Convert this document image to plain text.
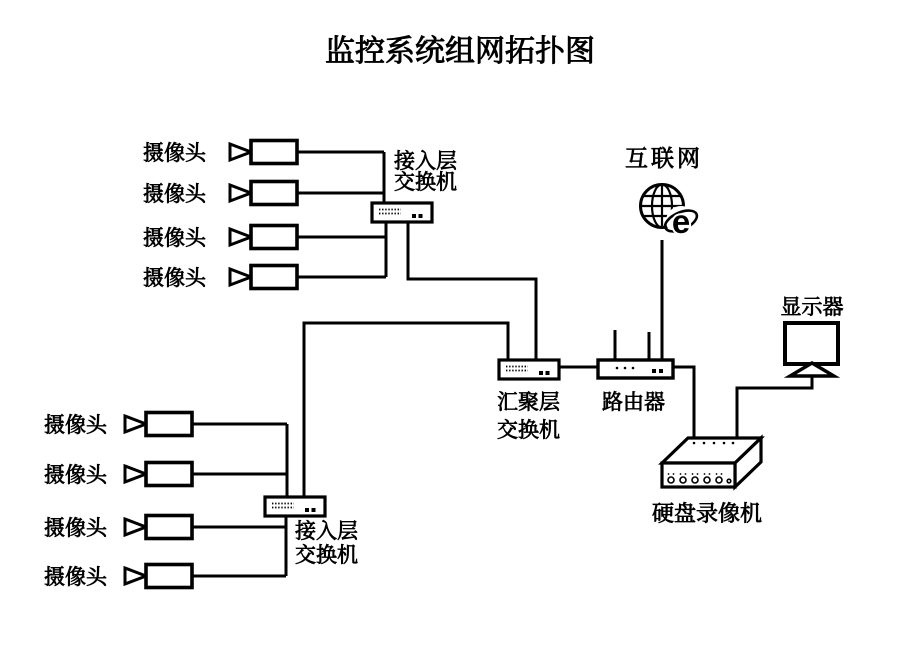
监控系统组网拓扑图
摄像头
摄像头
摄像头
摄像头
接入层
交换机
摄像头
摄像头
摄像头
摄像头
接入层
交换机
汇聚层
交换机
路由器
互联网
e
硬盘录像机
显示器
